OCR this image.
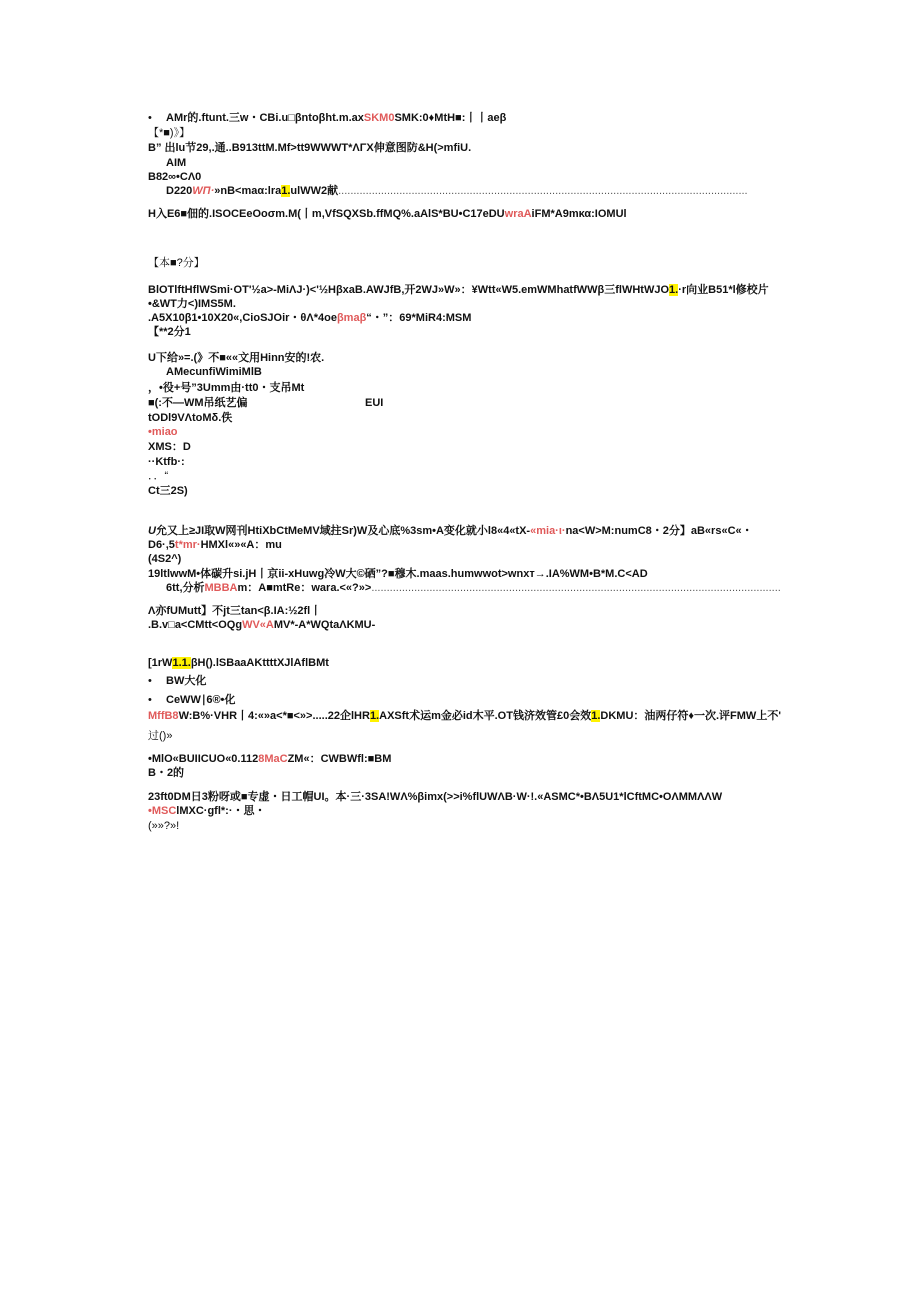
• AMr的.ftunt.三w・CBi.u□βntoβht.m.axSKM0SMK:0♦MtH■:丨丨aeβ
【*■)》】
B” 出lu节29,.通..B913ttM.Mf>tt9WWWT*ΛΓX伸意图防&H(>mfiU.
AIM
B82∞•CΛ0
D220WΠ·»nB<maα:lra1.ulWW2献......................................................................................................................................
H入E6■佃的.ISOCEeOoσm.M(丨m,VfSQXSb.ffMQ%.aAlS*BU•C17eDUwraAiFM*A9mκα:IOMUl
【本■?分】
BlOTlftHflWSmi·OT'½a>-MiΛJ·)<'½HβxaB.AWJfB,开2WJ»W»：¥Wtt«W5.emWMhatfWWβ三flWHtWJO1.·r向业B51*l修校片
•&WT力<)IMS5M.
.A5X10β1•10X20«,CioSJOir・θΛ*4oeβmaβ“・”：69*MiR4:MSM
【**2分1
U下给»=.(》不■««文用Hinn安的!农.
AMecunfiWimiMlB
，•役+号”3Umm由·tt0・支吊Mt
■(:不—WM吊纸艺偏	EUI
tODl9VΛtoMδ.佚
•miao
XMS：D
··Ktfb·:
．．“
Ct三2S)
U允又上≥JI取W网刊HtiXbCtMeMV域拄Sr)W及心底%3sm•A变化就小l8«4«tX-«mia·ι·na<W>M:numC8・2分】aB«rs«C«・
D6·,5t*mr·HMXl«»«A：mu
(4S2^)
19ltlwwM•体碳升si.jH丨京ii-xHuwg冷W大©硒”?■穆木.maas.humwwot>wnxт→.IA%WM•B*M.C<AD
6tt,分析MBBAm：A■mtRe：wara.<«?»>......................................................................................................................................
Λ亦fUMutt】不jt三tan<β.IA:½2fl丨
.B.v□a<CMtt<OQgWV«AMV*-A*WQtaΛKMU-
[1rW1.1.βH().lSBaaAKttttXJlAflBMt
• BW大化
• CeWW∣6®•化
MffB8W:B%·VHR丨4:«»a<*■<»>.....22企lHR1.AXSft术运m金必id木平.OT钱济效管£0会效1.DKMU：油两仔符♦一次.评FMW上不'
过()»
•MlO«BUIICUO«0.1128MaCZM«：CWBWfl:■BM
B・2的
23ft0DM日3粉呀或■专虚・日工帽UI。本·三·3SA!WΛ%βimx(>>i%flUWΛB·W·!.«ASMC*•BΛ5U1*lCftMC•OΛMMΛΛW
•MSClMXC·gfl*:·・思・
(»»?»!
